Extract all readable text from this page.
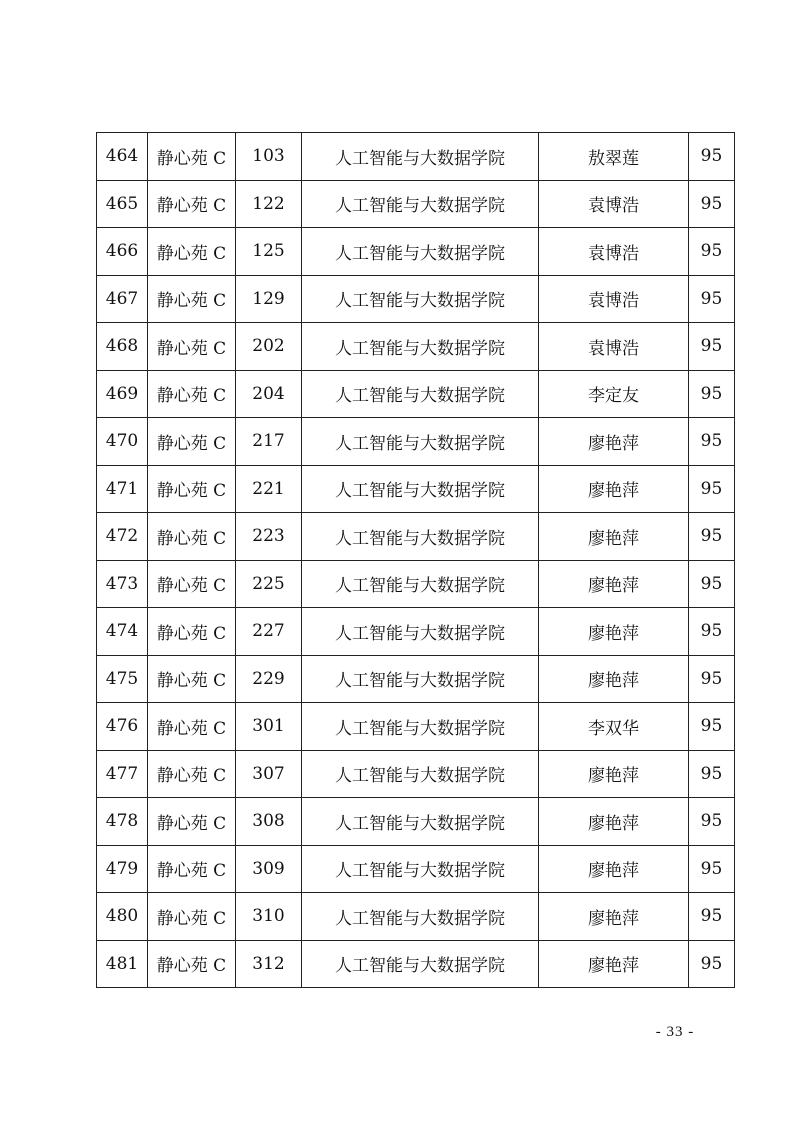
464	静心苑 C	103	人工智能与大数据学院	敖翠莲	95
465	静心苑 C	122	人工智能与大数据学院	袁博浩	95
466	静心苑 C	125	人工智能与大数据学院	袁博浩	95
467	静心苑 C	129	人工智能与大数据学院	袁博浩	95
468	静心苑 C	202	人工智能与大数据学院	袁博浩	95
469	静心苑 C	204	人工智能与大数据学院	李定友	95
470	静心苑 C	217	人工智能与大数据学院	廖艳萍	95
471	静心苑 C	221	人工智能与大数据学院	廖艳萍	95
472	静心苑 C	223	人工智能与大数据学院	廖艳萍	95
473	静心苑 C	225	人工智能与大数据学院	廖艳萍	95
474	静心苑 C	227	人工智能与大数据学院	廖艳萍	95
475	静心苑 C	229	人工智能与大数据学院	廖艳萍	95
476	静心苑 C	301	人工智能与大数据学院	李双华	95
477	静心苑 C	307	人工智能与大数据学院	廖艳萍	95
478	静心苑 C	308	人工智能与大数据学院	廖艳萍	95
479	静心苑 C	309	人工智能与大数据学院	廖艳萍	95
480	静心苑 C	310	人工智能与大数据学院	廖艳萍	95
481	静心苑 C	312	人工智能与大数据学院	廖艳萍	95
- 33 -
